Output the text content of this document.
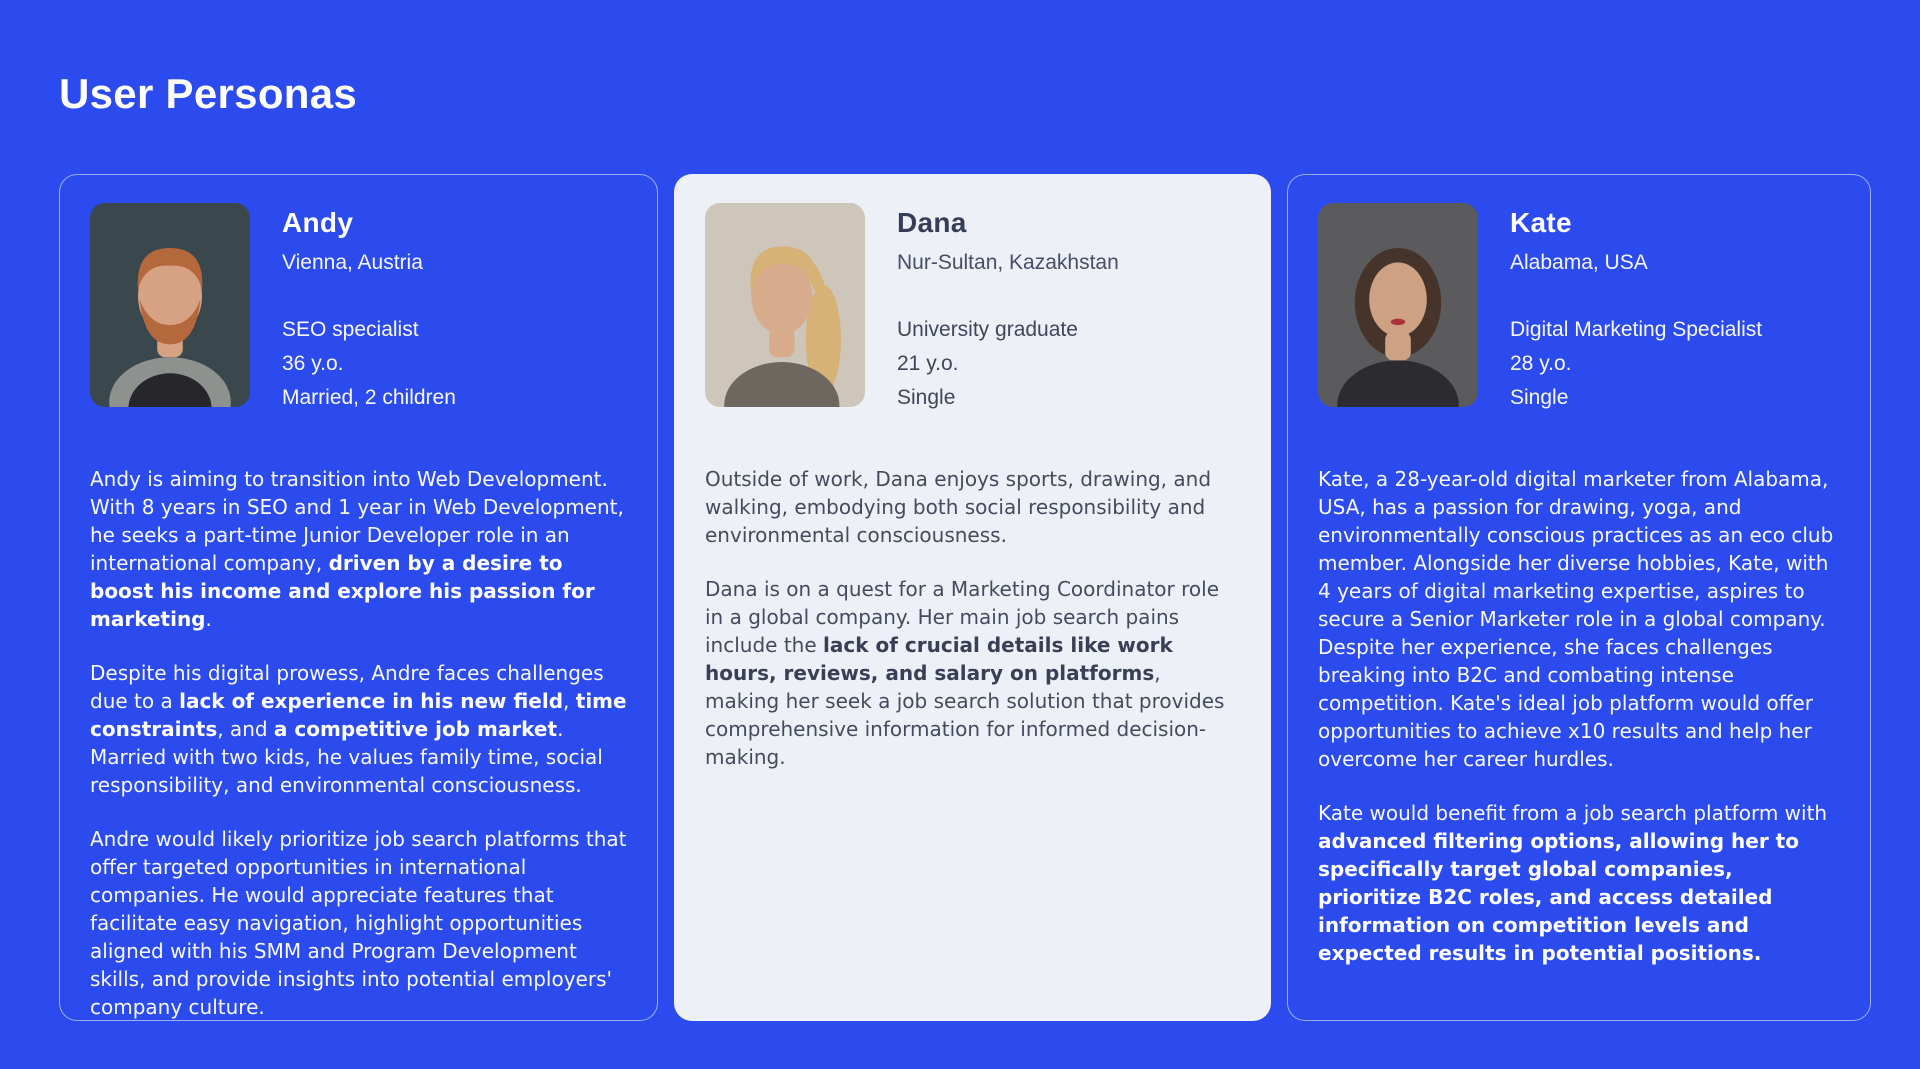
User Personas
Andy
Vienna, Austria
SEO specialist
36 y.o.
Married, 2 children

Andy is aiming to transition into Web Development. With 8 years in SEO and 1 year in Web Development, he seeks a part-time Junior Developer role in an international company, driven by a desire to boost his income and explore his passion for marketing.

Despite his digital prowess, Andre faces challenges due to a lack of experience in his new field, time constraints, and a competitive job market. Married with two kids, he values family time, social responsibility, and environmental consciousness.

Andre would likely prioritize job search platforms that offer targeted opportunities in international companies. He would appreciate features that facilitate easy navigation, highlight opportunities aligned with his SMM and Program Development skills, and provide insights into potential employers' company culture.

Dana
Nur-Sultan, Kazakhstan
University graduate
21 y.o.
Single

Outside of work, Dana enjoys sports, drawing, and walking, embodying both social responsibility and environmental consciousness.

Dana is on a quest for a Marketing Coordinator role in a global company. Her main job search pains include the lack of crucial details like work hours, reviews, and salary on platforms, making her seek a job search solution that provides comprehensive information for informed decision-making.

Kate
Alabama, USA
Digital Marketing Specialist
28 y.o.
Single

Kate, a 28-year-old digital marketer from Alabama, USA, has a passion for drawing, yoga, and environmentally conscious practices as an eco club member. Alongside her diverse hobbies, Kate, with 4 years of digital marketing expertise, aspires to secure a Senior Marketer role in a global company. Despite her experience, she faces challenges breaking into B2C and combating intense competition. Kate's ideal job platform would offer opportunities to achieve x10 results and help her overcome her career hurdles.

Kate would benefit from a job search platform with advanced filtering options, allowing her to specifically target global companies, prioritize B2C roles, and access detailed information on competition levels and expected results in potential positions.
